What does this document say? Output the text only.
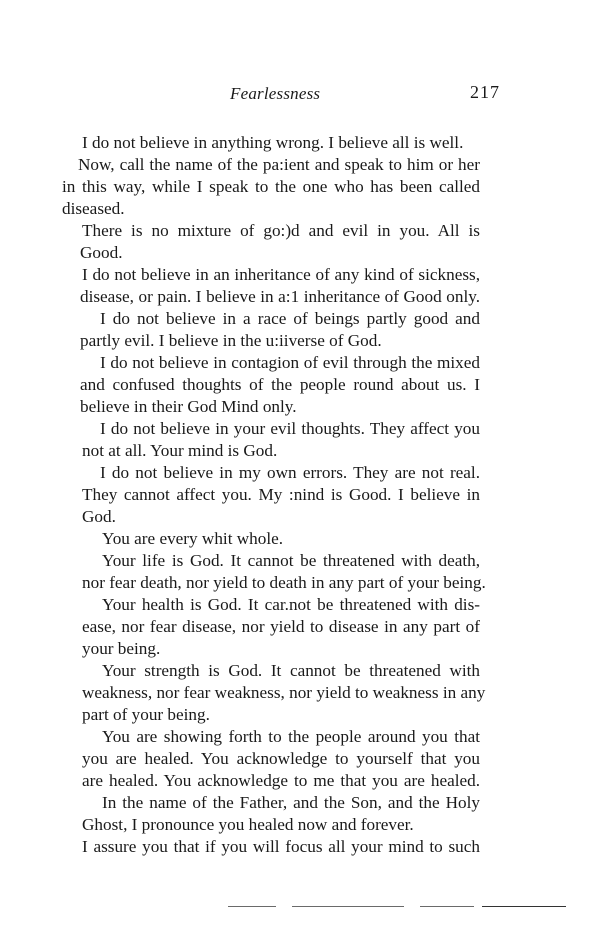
Fearlessness	217
I do not believe in anything wrong. I believe all is well.
Now, call the name of the pa:ient and speak to him or her
in this way, while I speak to the one who has been called
diseased.
There is no mixture of go:)d and evil in you. All is
Good.
I do not believe in an inheritance of any kind of sickness,
disease, or pain. I believe in a:1 inheritance of Good only.
I do not believe in a race of beings partly good and
partly evil. I believe in the u:iiverse of God.
I do not believe in contagion of evil through the mixed
and confused thoughts of the people round about us. I
believe in their God Mind only.
I do not believe in your evil thoughts. They affect you
not at all. Your mind is God.
I do not believe in my own errors. They are not real.
They cannot affect you. My :nind is Good. I believe in
God.
You are every whit whole.
Your life is God. It cannot be threatened with death,
nor fear death, nor yield to death in any part of your being.
Your health is God. It car.not be threatened with dis-
ease, nor fear disease, nor yield to disease in any part of
your being.
Your strength is God. It cannot be threatened with
weakness, nor fear weakness, nor yield to weakness in any
part of your being.
You are showing forth to the people around you that
you are healed. You acknowledge to yourself that you
are healed. You acknowledge to me that you are healed.
In the name of the Father, and the Son, and the Holy
Ghost, I pronounce you healed now and forever.
I assure you that if you will focus all your mind to such
